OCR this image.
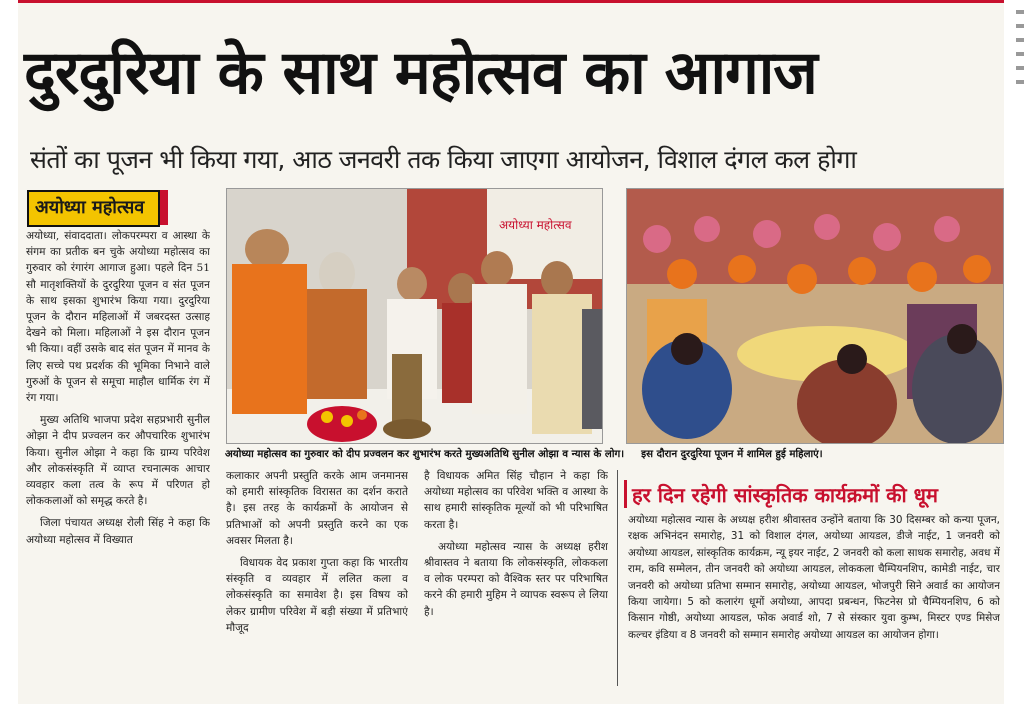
दुरदुरिया के साथ महोत्सव का आगाज
संतों का पूजन भी किया गया, आठ जनवरी तक किया जाएगा आयोजन, विशाल दंगल कल होगा
अयोध्या महोत्सव

अयोध्या, संवाददाता। लोकपरम्परा व आस्था के संगम का प्रतीक बन चुके अयोध्या महोत्सव का गुरुवार को रंगारंग आगाज हुआ। पहले दिन 51 सौ मातृशक्तियों के दुरदुरिया पूजन व संत पूजन के साथ इसका शुभारंभ किया गया। दुरदुरिया पूजन के दौरान महिलाओं में जबरदस्त उत्साह देखने को मिला। महिलाओं ने इस दौरान पूजन भी किया। वहीं उसके बाद संत पूजन में मानव के लिए सच्चे पथ प्रदर्शक की भूमिका निभाने वाले गुरुओं के पूजन से समूचा माहौल धार्मिक रंग में रंग गया।

मुख्य अतिथि भाजपा प्रदेश सहप्रभारी सुनील ओझा ने दीप प्रज्वलन कर औपचारिक शुभारंभ किया। सुनील ओझा ने कहा कि ग्राम्य परिवेश और लोकसंस्कृति में व्याप्त रचनात्मक आचार व्यवहार कला तत्व के रूप में परिणत हो लोककलाओं को समृद्ध करते है।

जिला पंचायत अध्यक्ष रोली सिंह ने कहा कि अयोध्या महोत्सव में विख्यात

अयोध्या महोत्सव
अयोध्या महोत्सव का गुरुवार को दीप प्रज्वलन कर शुभारंभ करते मुख्यअतिथि सुनील ओझा व न्यास के लोग। इस दौरान दुरदुरिया पूजन में शामिल हुई महिलाएं।

कलाकार अपनी प्रस्तुति करके आम जनमानस को हमारी सांस्कृतिक विरासत का दर्शन कराते है। इस तरह के कार्यक्रमों के आयोजन से प्रतिभाओं को अपनी प्रस्तुति करने का एक अवसर मिलता है।

विधायक वेद प्रकाश गुप्ता कहा कि भारतीय संस्कृति व व्यवहार में ललित कला व लोकसंस्कृति का समावेश है। इस विषय को लेकर ग्रामीण परिवेश में बड़ी संख्या में प्रतिभाएं मौजूद

है विधायक अमित सिंह चौहान ने कहा कि अयोध्या महोत्सव का परिवेश भक्ति व आस्था के साथ हमारी सांस्कृतिक मूल्यों को भी परिभाषित करता है।

अयोध्या महोत्सव न्यास के अध्यक्ष हरीश श्रीवास्तव ने बताया कि लोकसंस्कृति, लोककला व लोक परम्परा को वैश्विक स्तर पर परिभाषित करने की हमारी मुहिम ने व्यापक स्वरूप ले लिया है।

हर दिन रहेगी सांस्कृतिक कार्यक्रमों की धूम

अयोध्या महोत्सव न्यास के अध्यक्ष हरीश श्रीवास्तव उन्होंने बताया कि 30 दिसम्बर को कन्या पूजन, रक्षक अभिनंदन समारोह, 31 को विशाल दंगल, अयोध्या आयडल, डीजे नाईट, 1 जनवरी को अयोध्या आयडल, सांस्कृतिक कार्यक्रम, न्यू इयर नाईट, 2 जनवरी को कला साधक समारोह, अवध में राम, कवि सम्मेलन, तीन जनवरी को अयोध्या आयडल, लोककला चैम्पियनशिप, कामेडी नाईट, चार जनवरी को अयोध्या प्रतिभा सम्मान समारोह, अयोध्या आयडल, भोजपुरी सिने अवार्ड का आयोजन किया जायेगा। 5 को कलारंग धूमों अयोध्या, आपदा प्रबन्धन, फिटनेस प्रो चैम्पियनशिप, 6 को किसान गोष्ठी, अयोध्या आयडल, फोक अवार्ड शो, 7 से संस्कार युवा कुम्भ, मिस्टर एण्ड मिसेज कल्चर इंडिया व 8 जनवरी को सम्मान समारोह अयोध्या आयडल का आयोजन होगा।
